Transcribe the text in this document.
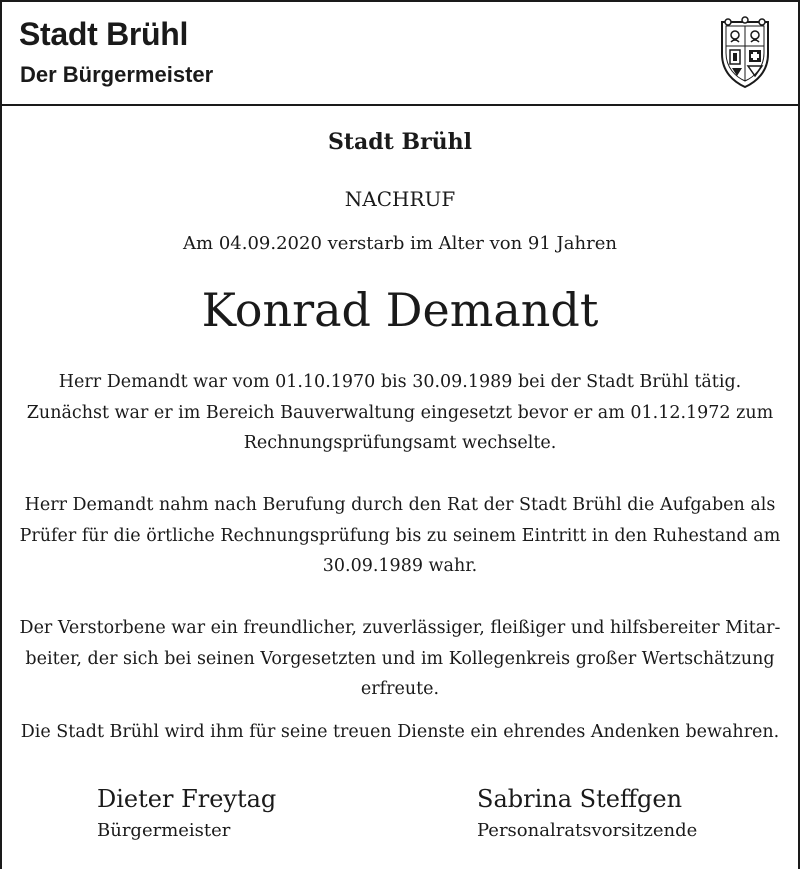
Stadt Brühl
Der Bürgermeister
Stadt Brühl
NACHRUF
Am 04.09.2020 verstarb im Alter von 91 Jahren
Konrad Demandt

Herr Demandt war vom 01.10.1970 bis 30.09.1989 bei der Stadt Brühl tätig. Zunächst war er im Bereich Bauverwaltung eingesetzt bevor er am 01.12.1972 zum Rechnungsprüfungsamt wechselte.

Herr Demandt nahm nach Berufung durch den Rat der Stadt Brühl die Aufgaben als Prüfer für die örtliche Rechnungsprüfung bis zu seinem Eintritt in den Ruhestand am 30.09.1989 wahr.

Der Verstorbene war ein freundlicher, zuverlässiger, fleißiger und hilfsbereiter Mitarbeiter, der sich bei seinen Vorgesetzten und im Kollegenkreis großer Wertschätzung erfreute.

Die Stadt Brühl wird ihm für seine treuen Dienste ein ehrendes Andenken bewahren.

Dieter Freytag
Bürgermeister
Sabrina Steffgen
Personalratsvorsitzende
